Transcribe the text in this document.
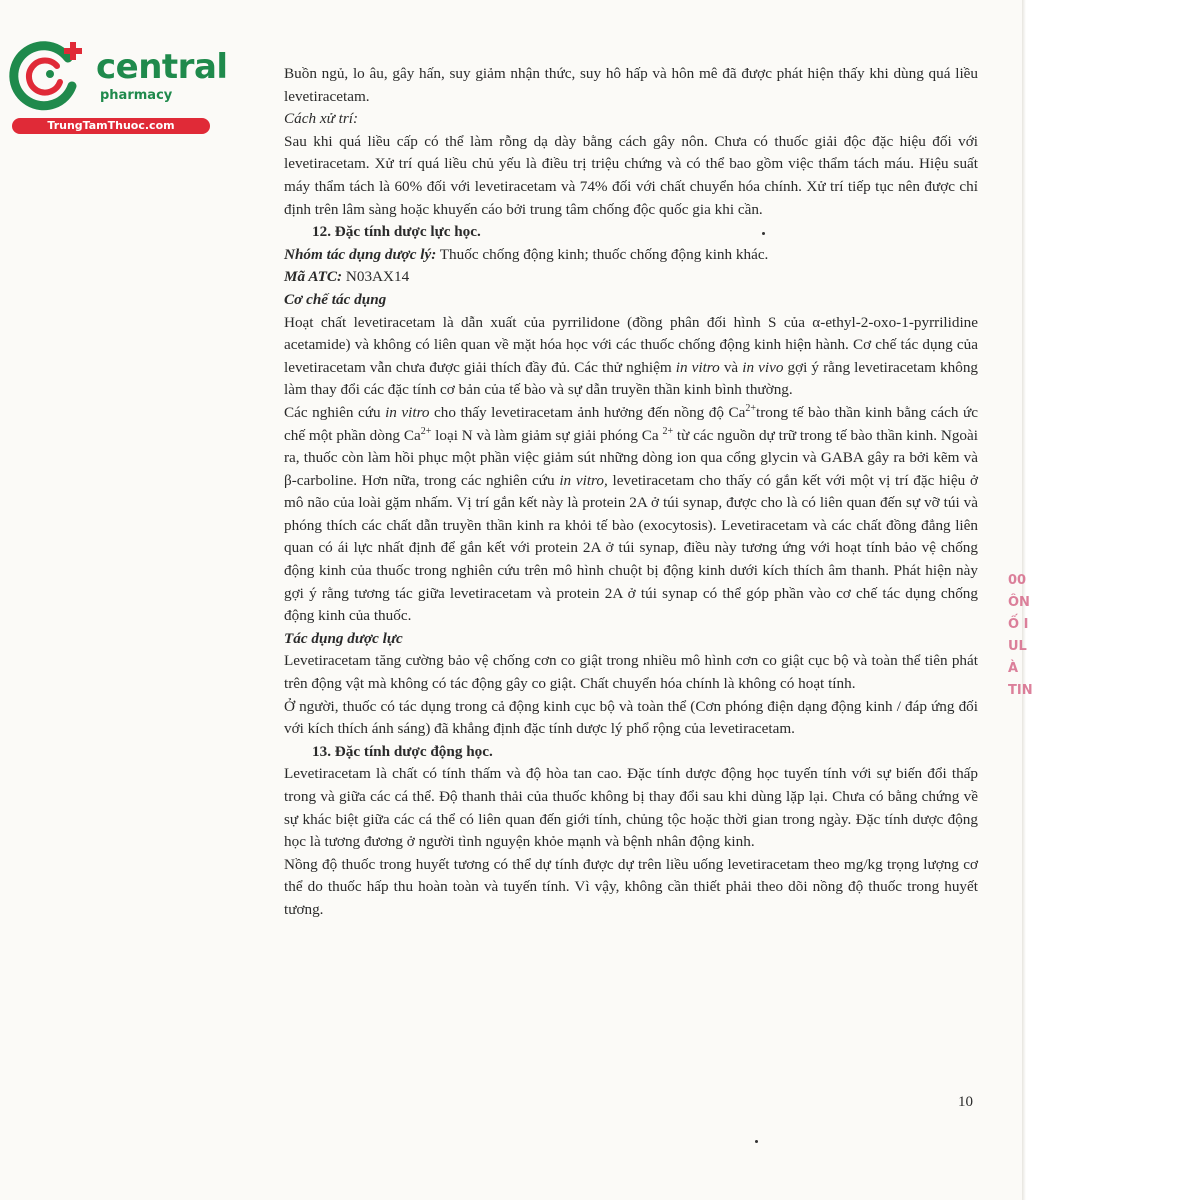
central
pharmacy
TrungTamThuoc.com

Buồn ngủ, lo âu, gây hấn, suy giảm nhận thức, suy hô hấp và hôn mê đã được phát hiện thấy khi dùng quá liều levetiracetam.

Cách xử trí:

Sau khi quá liều cấp có thể làm rỗng dạ dày bằng cách gây nôn. Chưa có thuốc giải độc đặc hiệu đối với levetiracetam. Xử trí quá liều chủ yếu là điều trị triệu chứng và có thể bao gồm việc thẩm tách máu. Hiệu suất máy thẩm tách là 60% đối với levetiracetam và 74% đối với chất chuyển hóa chính. Xử trí tiếp tục nên được chỉ định trên lâm sàng hoặc khuyến cáo bởi trung tâm chống độc quốc gia khi cần.

12. Đặc tính dược lực học.

Nhóm tác dụng dược lý: Thuốc chống động kinh; thuốc chống động kinh khác.

Mã ATC: N03AX14

Cơ chế tác dụng

Hoạt chất levetiracetam là dẫn xuất của pyrrilidone (đồng phân đối hình S của α-ethyl-2-oxo-1-pyrrilidine acetamide) và không có liên quan về mặt hóa học với các thuốc chống động kinh hiện hành. Cơ chế tác dụng của levetiracetam vẫn chưa được giải thích đầy đủ. Các thử nghiệm in vitro và in vivo gợi ý rằng levetiracetam không làm thay đổi các đặc tính cơ bản của tế bào và sự dẫn truyền thần kinh bình thường.

Các nghiên cứu in vitro cho thấy levetiracetam ảnh hưởng đến nồng độ $Ca^{2+}trong$ tế bào thần kinh bằng cách ức chế một phần dòng $Ca^{2+}$ loại N và làm giảm sự giải phóng Ca $^{2+}$ từ các nguồn dự trữ trong tế bào thần kinh. Ngoài ra, thuốc còn làm hồi phục một phần việc giảm sút những dòng ion qua cổng glycin và GABA gây ra bởi kẽm và β-carboline. Hơn nữa, trong các nghiên cứu in vitro, levetiracetam cho thấy có gắn kết với một vị trí đặc hiệu ở mô não của loài gặm nhấm. Vị trí gắn kết này là protein 2A ở túi synap, được cho là có liên quan đến sự vỡ túi và phóng thích các chất dẫn truyền thần kinh ra khỏi tế bào (exocytosis). Levetiracetam và các chất đồng đẳng liên quan có ái lực nhất định để gắn kết với protein 2A ở túi synap, điều này tương ứng với hoạt tính bảo vệ chống động kinh của thuốc trong nghiên cứu trên mô hình chuột bị động kinh dưới kích thích âm thanh. Phát hiện này gợi ý rằng tương tác giữa levetiracetam và protein 2A ở túi synap có thể góp phần vào cơ chế tác dụng chống động kinh của thuốc.

Tác dụng dược lực

Levetiracetam tăng cường bảo vệ chống cơn co giật trong nhiều mô hình cơn co giật cục bộ và toàn thể tiên phát trên động vật mà không có tác động gây co giật. Chất chuyển hóa chính là không có hoạt tính.

Ở người, thuốc có tác dụng trong cả động kinh cục bộ và toàn thể (Cơn phóng điện dạng động kinh / đáp ứng đối với kích thích ánh sáng) đã khẳng định đặc tính dược lý phổ rộng của levetiracetam.

13. Đặc tính dược động học.

Levetiracetam là chất có tính thấm và độ hòa tan cao. Đặc tính dược động học tuyến tính với sự biến đổi thấp trong và giữa các cá thể. Độ thanh thải của thuốc không bị thay đổi sau khi dùng lặp lại. Chưa có bằng chứng về sự khác biệt giữa các cá thể có liên quan đến giới tính, chủng tộc hoặc thời gian trong ngày. Đặc tính dược động học là tương đương ở người tình nguyện khỏe mạnh và bệnh nhân động kinh.

Nồng độ thuốc trong huyết tương có thể dự tính được dự trên liều uống levetiracetam theo mg/kg trọng lượng cơ thể do thuốc hấp thu hoàn toàn và tuyến tính. Vì vậy, không cần thiết phải theo dõi nồng độ thuốc trong huyết tương.

10
00
ÔN
Ố I
UL
À
TIN
